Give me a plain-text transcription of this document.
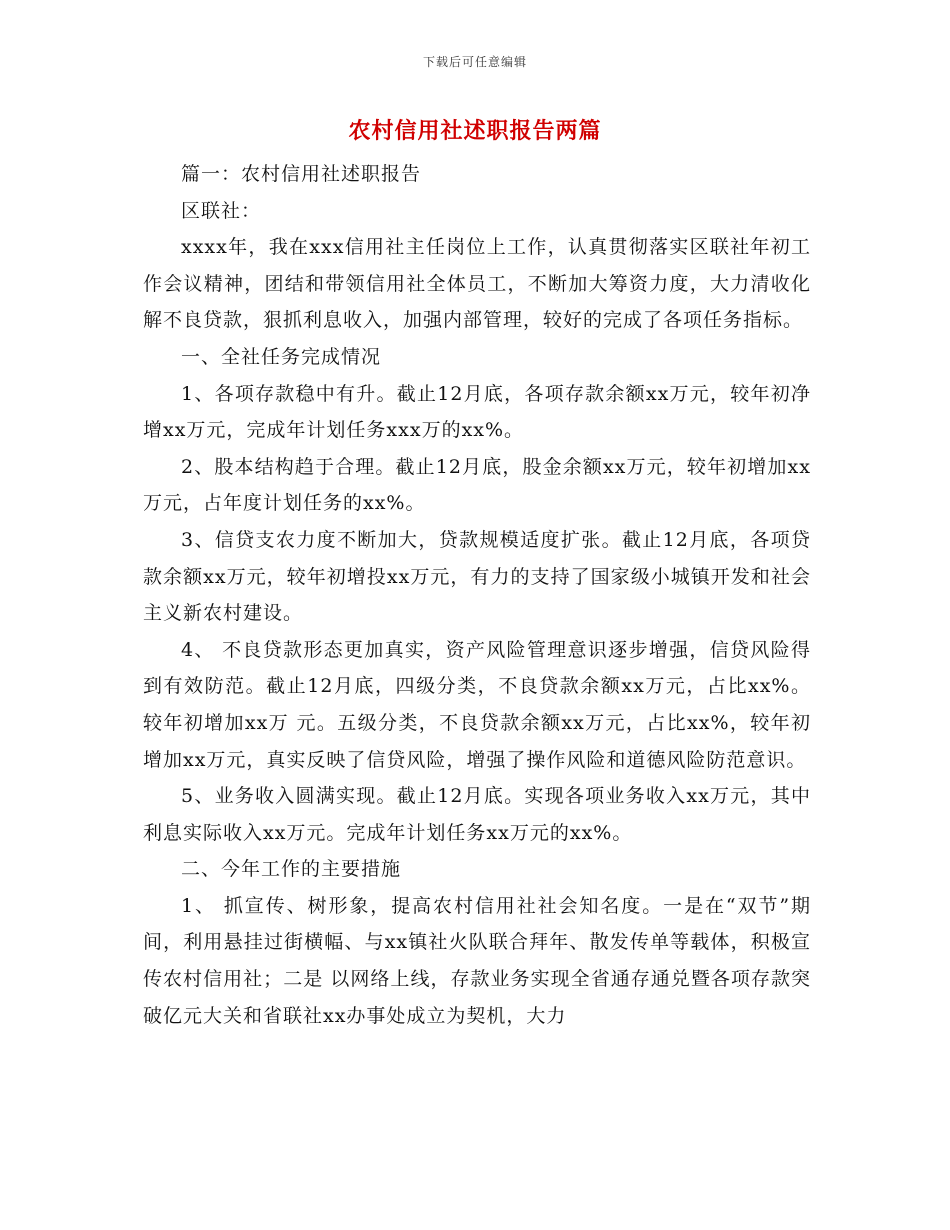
下载后可任意编辑
农村信用社述职报告两篇

篇一：农村信用社述职报告

区联社：

xxxx年，我在xxx信用社主任岗位上工作，认真贯彻落实区联社年初工作会议精神，团结和带领信用社全体员工，不断加大筹资力度，大力清收化解不良贷款，狠抓利息收入，加强内部管理，较好的完成了各项任务指标。

一、全社任务完成情况

1、各项存款稳中有升。截止12月底，各项存款余额xx万元，较年初净增xx万元，完成年计划任务xxx万的xx%。

2、股本结构趋于合理。截止12月底，股金余额xx万元，较年初增加xx万元，占年度计划任务的xx%。

3、信贷支农力度不断加大，贷款规模适度扩张。截止12月底，各项贷款余额xx万元，较年初增投xx万元，有力的支持了国家级小城镇开发和社会主义新农村建设。

4、 不良贷款形态更加真实，资产风险管理意识逐步增强，信贷风险得到有效防范。截止12月底，四级分类，不良贷款余额xx万元，占比xx%。较年初增加xx万 元。五级分类，不良贷款余额xx万元，占比xx%，较年初增加xx万元，真实反映了信贷风险，增强了操作风险和道德风险防范意识。

5、业务收入圆满实现。截止12月底。实现各项业务收入xx万元，其中利息实际收入xx万元。完成年计划任务xx万元的xx%。

二、今年工作的主要措施

1、 抓宣传、树形象，提高农村信用社社会知名度。一是在“双节”期间，利用悬挂过街横幅、与xx镇社火队联合拜年、散发传单等载体，积极宣传农村信用社；二是 以网络上线，存款业务实现全省通存通兑暨各项存款突破亿元大关和省联社xx办事处成立为契机，大力
